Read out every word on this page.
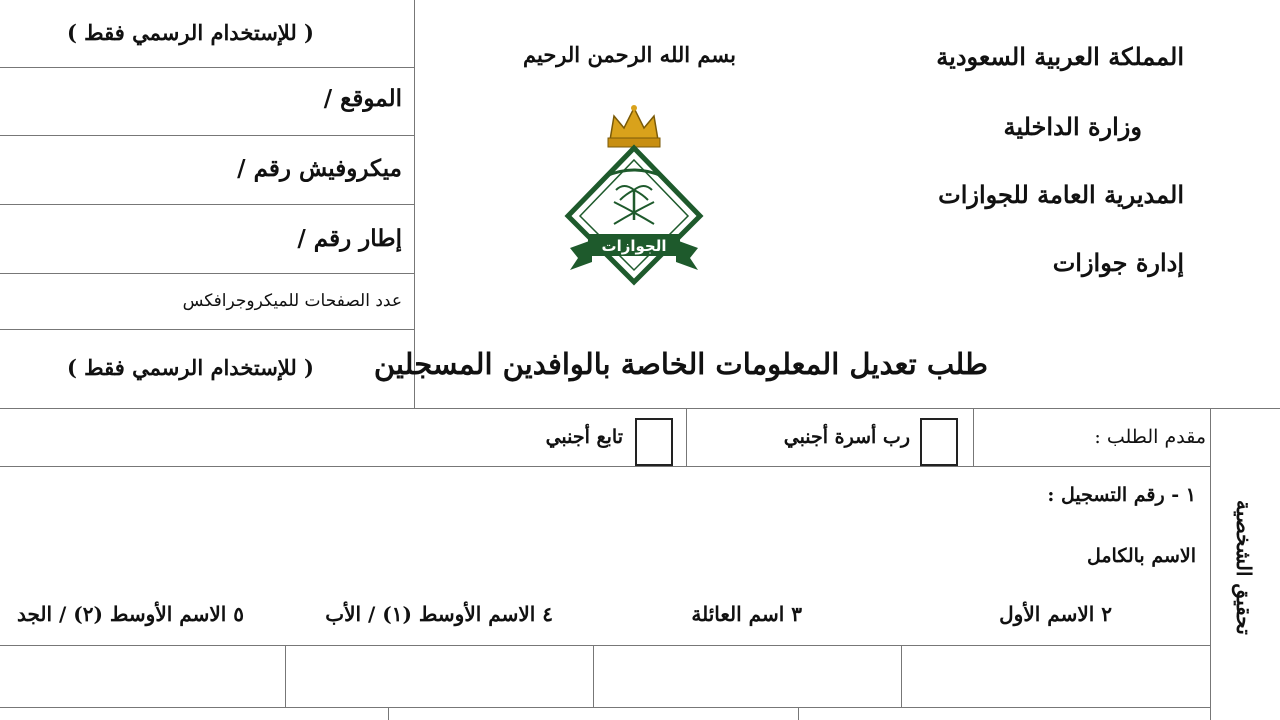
( للإستخدام الرسمي فقط )
الموقع /
ميكروفيش رقم /
إطار رقم /
عدد الصفحات للميكروجرافكس
( للإستخدام الرسمي فقط )
بسم الله الرحمن الرحيم
الجوازات
المملكة العربية السعودية
وزارة الداخلية
المديرية العامة للجوازات
إدارة جوازات
طلب تعديل المعلومات الخاصة بالوافدين المسجلين
مقدم الطلب :
رب أسرة أجنبي
تابع أجنبي
١ - رقم التسجيل :
الاسم بالكامل
٢ الاسم الأول
٣ اسم العائلة
٤ الاسم الأوسط (١) / الأب
٥ الاسم الأوسط (٢) / الجد	تحقيق الشخصية
